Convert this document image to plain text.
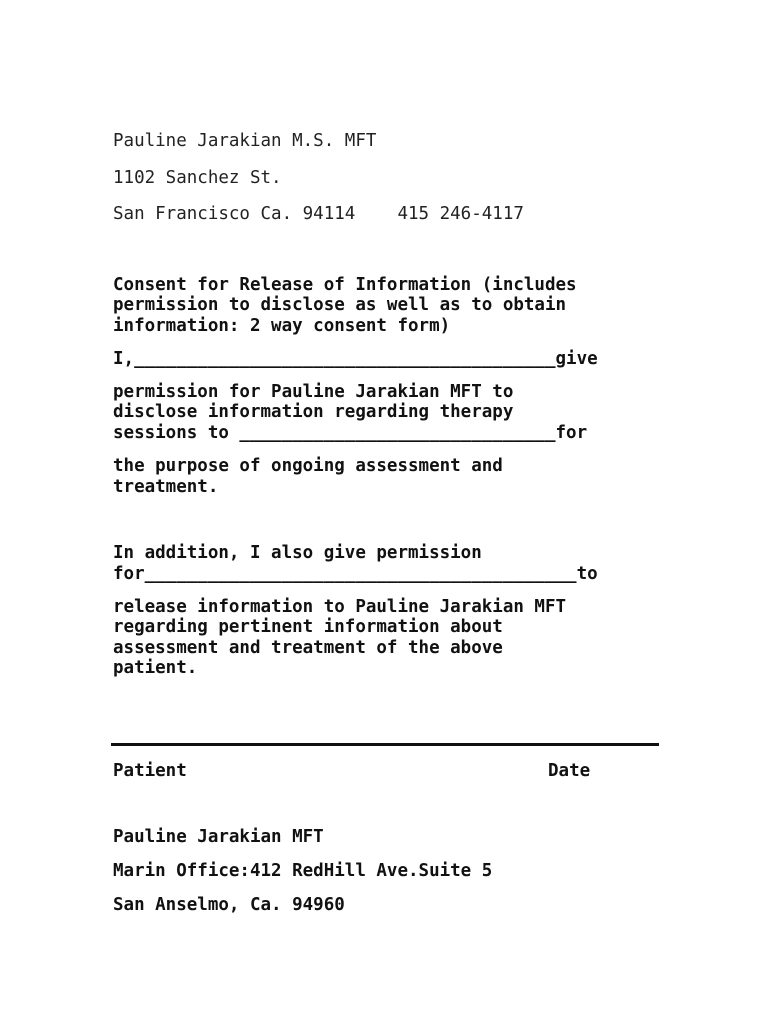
Pauline Jarakian M.S. MFT

1102 Sanchez St.

San Francisco Ca. 94114    415 246-4117

Consent for Release of Information (includes

permission to disclose as well as to obtain

information: 2 way consent form)

I,________________________________________give

permission for Pauline Jarakian MFT to

disclose information regarding therapy

sessions to ______________________________for

the purpose of ongoing assessment and

treatment.

In addition, I also give permission

for_________________________________________to

release information to Pauline Jarakian MFT

regarding pertinent information about

assessment and treatment of the above

patient.

Patient	Date

Pauline Jarakian MFT

Marin Office:412 RedHill Ave.Suite 5

San Anselmo, Ca. 94960
